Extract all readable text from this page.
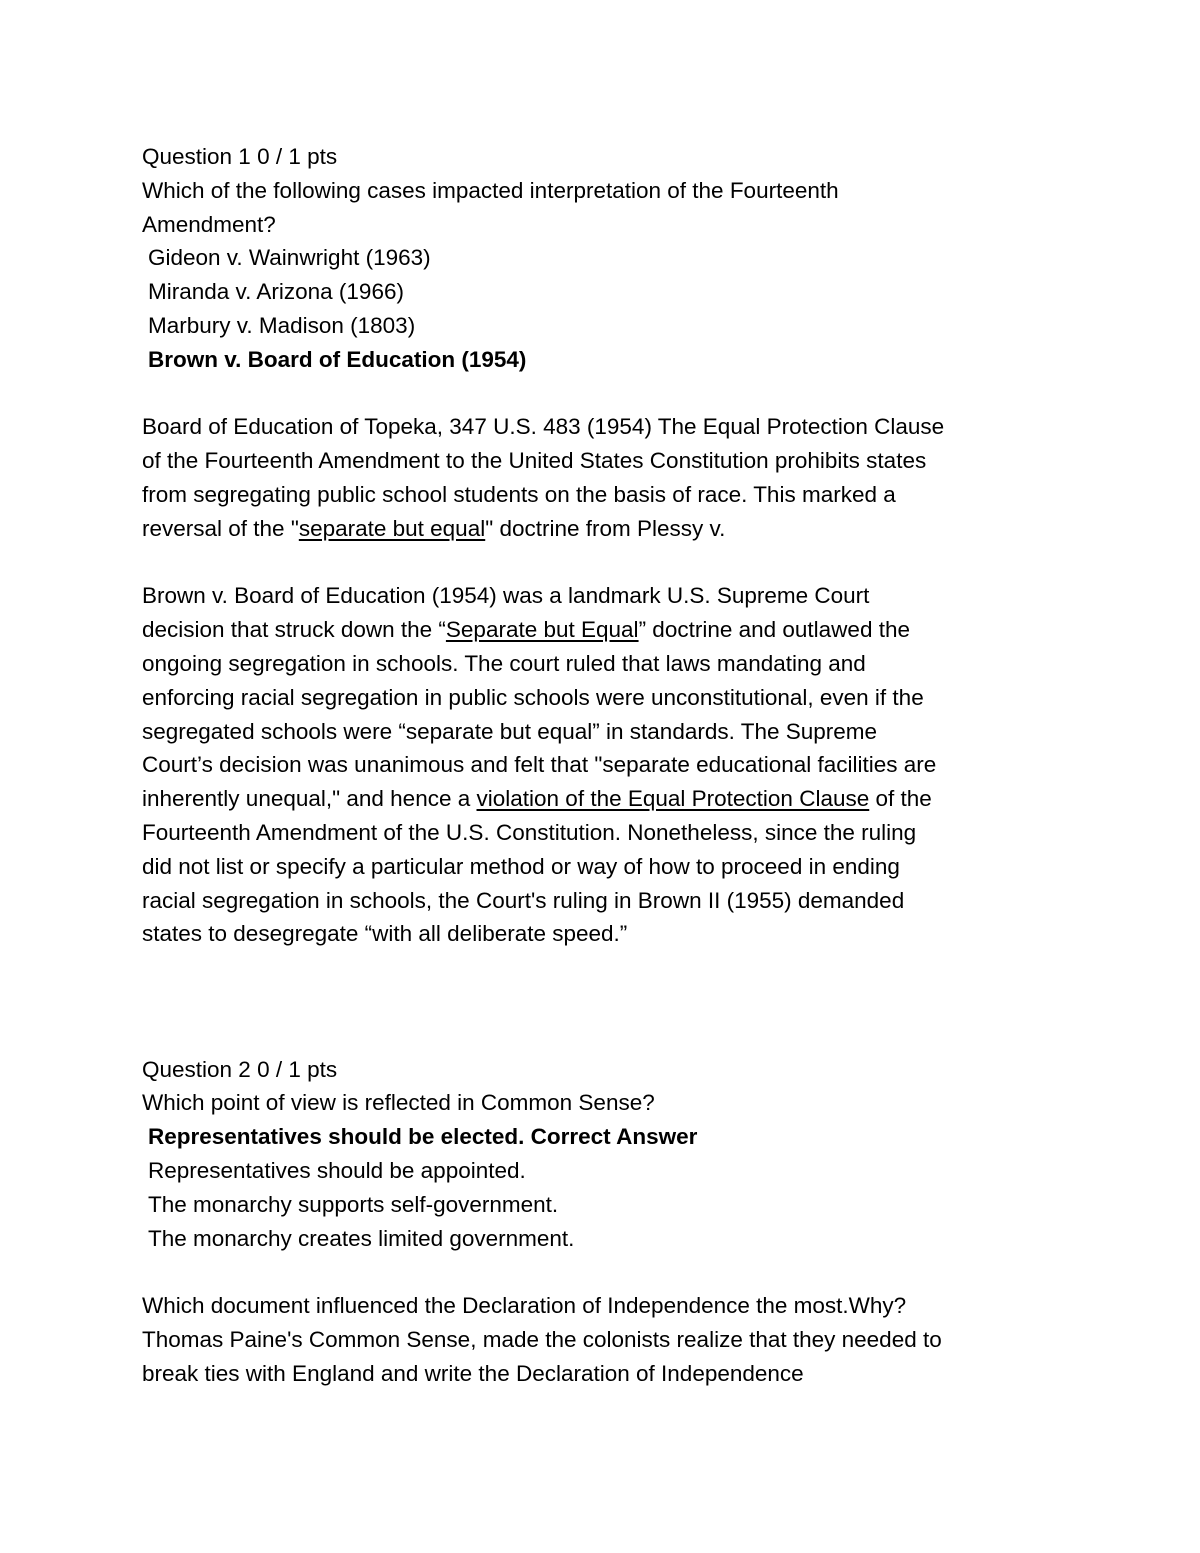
Question 1 0 / 1 pts
Which of the following cases impacted interpretation of the Fourteenth
Amendment?
Gideon v. Wainwright (1963)
Miranda v. Arizona (1966)
Marbury v. Madison (1803)
Brown v. Board of Education (1954)
Board of Education of Topeka, 347 U.S. 483 (1954) The Equal Protection Clause
of the Fourteenth Amendment to the United States Constitution prohibits states
from segregating public school students on the basis of race. This marked a
reversal of the "separate but equal" doctrine from Plessy v.
Brown v. Board of Education (1954) was a landmark U.S. Supreme Court
decision that struck down the “Separate but Equal” doctrine and outlawed the
ongoing segregation in schools. The court ruled that laws mandating and
enforcing racial segregation in public schools were unconstitutional, even if the
segregated schools were “separate but equal” in standards. The Supreme
Court’s decision was unanimous and felt that "separate educational facilities are
inherently unequal," and hence a violation of the Equal Protection Clause of the
Fourteenth Amendment of the U.S. Constitution. Nonetheless, since the ruling
did not list or specify a particular method or way of how to proceed in ending
racial segregation in schools, the Court's ruling in Brown II (1955) demanded
states to desegregate “with all deliberate speed.”
Question 2 0 / 1 pts
Which point of view is reflected in Common Sense?
Representatives should be elected. Correct Answer
Representatives should be appointed.
The monarchy supports self-government.
The monarchy creates limited government.
Which document influenced the Declaration of Independence the most.Why?
Thomas Paine's Common Sense, made the colonists realize that they needed to
break ties with England and write the Declaration of Independence
